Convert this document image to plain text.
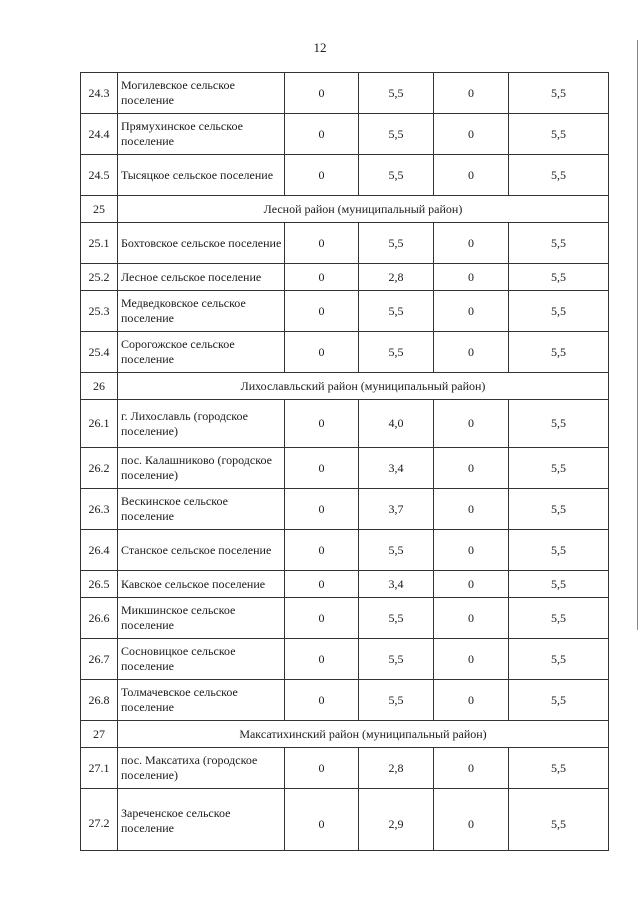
12
24.3	Могилевское сельское поселение	0	5,5	0	5,5
24.4	Прямухинское сельское поселение	0	5,5	0	5,5
24.5	Тысяцкое сельское поселение	0	5,5	0	5,5
25	Лесной район (муниципальный район)				
25.1	Бохтовское сельское поселение	0	5,5	0	5,5
25.2	Лесное сельское поселение	0	2,8	0	5,5
25.3	Медведковское сельское поселение	0	5,5	0	5,5
25.4	Сорогожское сельское поселение	0	5,5	0	5,5
26	Лихославльский район (муниципальный район)				
26.1	г. Лихославль (городское поселение)	0	4,0	0	5,5
26.2	пос. Калашниково (городское поселение)	0	3,4	0	5,5
26.3	Вескинское сельское поселение	0	3,7	0	5,5
26.4	Станское сельское поселение	0	5,5	0	5,5
26.5	Кавское сельское поселение	0	3,4	0	5,5
26.6	Микшинское сельское поселение	0	5,5	0	5,5
26.7	Сосновицкое сельское поселение	0	5,5	0	5,5
26.8	Толмачевское сельское поселение	0	5,5	0	5,5
27	Максатихинский район (муниципальный район)				
27.1	пос. Максатиха (городское поселение)	0	2,8	0	5,5
27.2	Зареченское сельское поселение	0	2,9	0	5,5
